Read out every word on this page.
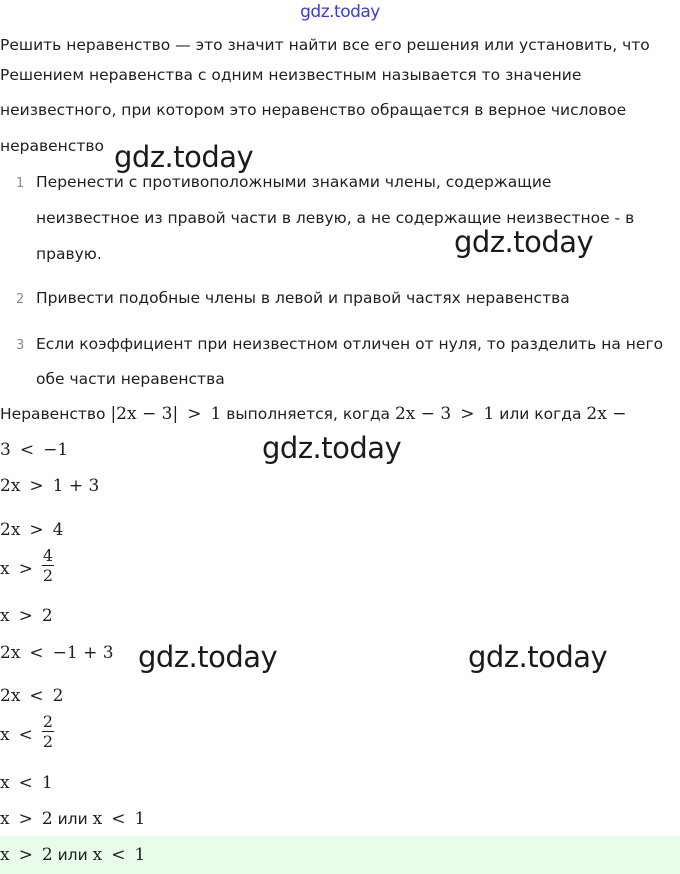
gdz.today
Решить неравенство — это значит найти все его решения или установить, что
Решением неравенства с одним неизвестным называется то значение
неизвестного, при котором это неравенство обращается в верное числовое
неравенство
1 Перенести с противоположными знаками члены, содержащие
неизвестное из правой части в левую, а не содержащие неизвестное - в
правую.
2 Привести подобные члены в левой и правой частях неравенства
3 Если коэффициент при неизвестном отличен от нуля, то разделить на него
обе части неравенства
Неравенство |2x − 3| > 1 выполняется, когда 2x − 3 > 1 или когда 2x −
3 < −1
2x > 1 + 3
2x > 4
$x > \frac{4}{2}$
x > 2
2x < −1 + 3
2x < 2
$x < \frac{2}{2}$
x < 1
x > 2 или x < 1
x > 2 или x < 1
gdz.today
gdz.today
gdz.today
gdz.today	gdz.today
